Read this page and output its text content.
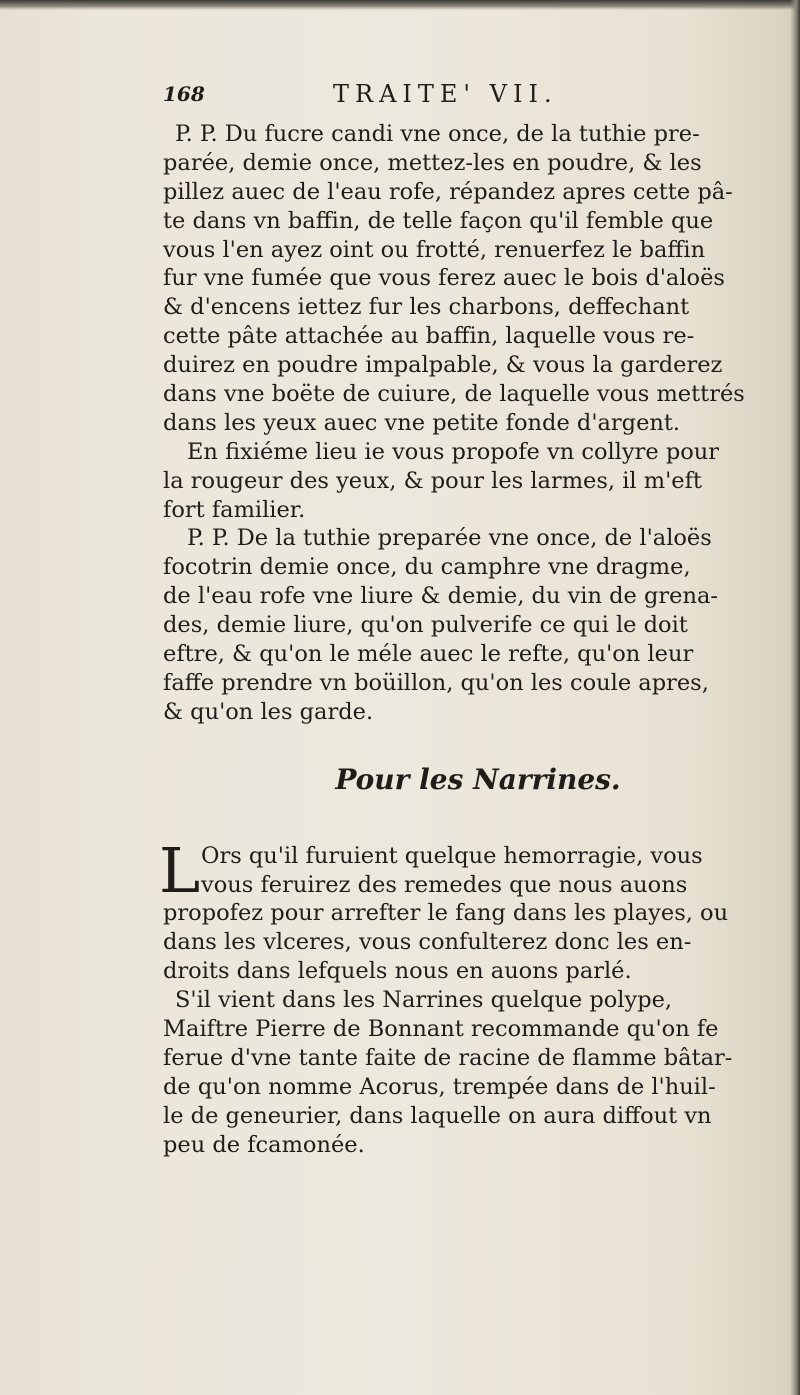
168	TRAITE' VII.
P. P. Du fucre candi vne once, de la tuthie pre-
parée, demie once, mettez-les en poudre, & les
pillez auec de l'eau rofe, répandez apres cette pâ-
te dans vn baffin, de telle façon qu'il femble que
vous l'en ayez oint ou frotté, renuerfez le baffin
fur vne fumée que vous ferez auec le bois d'aloës
& d'encens iettez fur les charbons, deffechant
cette pâte attachée au baffin, laquelle vous re-
duirez en poudre impalpable, & vous la garderez
dans vne boëte de cuiure, de laquelle vous mettrés
dans les yeux auec vne petite fonde d'argent.
En fixiéme lieu ie vous propofe vn collyre pour
la rougeur des yeux, & pour les larmes, il m'eft
fort familier.
P. P. De la tuthie preparée vne once, de l'aloës
focotrin demie once, du camphre vne dragme,
de l'eau rofe vne liure & demie, du vin de grena-
des, demie liure, qu'on pulverife ce qui le doit
eftre, & qu'on le méle auec le refte, qu'on leur
faffe prendre vn boüillon, qu'on les coule apres,
& qu'on les garde.
Pour les Narrines.
L Ors qu'il furuient quelque hemorragie, vous
vous feruirez des remedes que nous auons
propofez pour arrefter le fang dans les playes, ou
dans les vlceres, vous confulterez donc les en-
droits dans lefquels nous en auons parlé.
S'il vient dans les Narrines quelque polype,
Maiftre Pierre de Bonnant recommande qu'on fe
ferue d'vne tante faite de racine de flamme bâtar-
de qu'on nomme Acorus, trempée dans de l'huil-
le de geneurier, dans laquelle on aura diffout vn
peu de fcamonée.
